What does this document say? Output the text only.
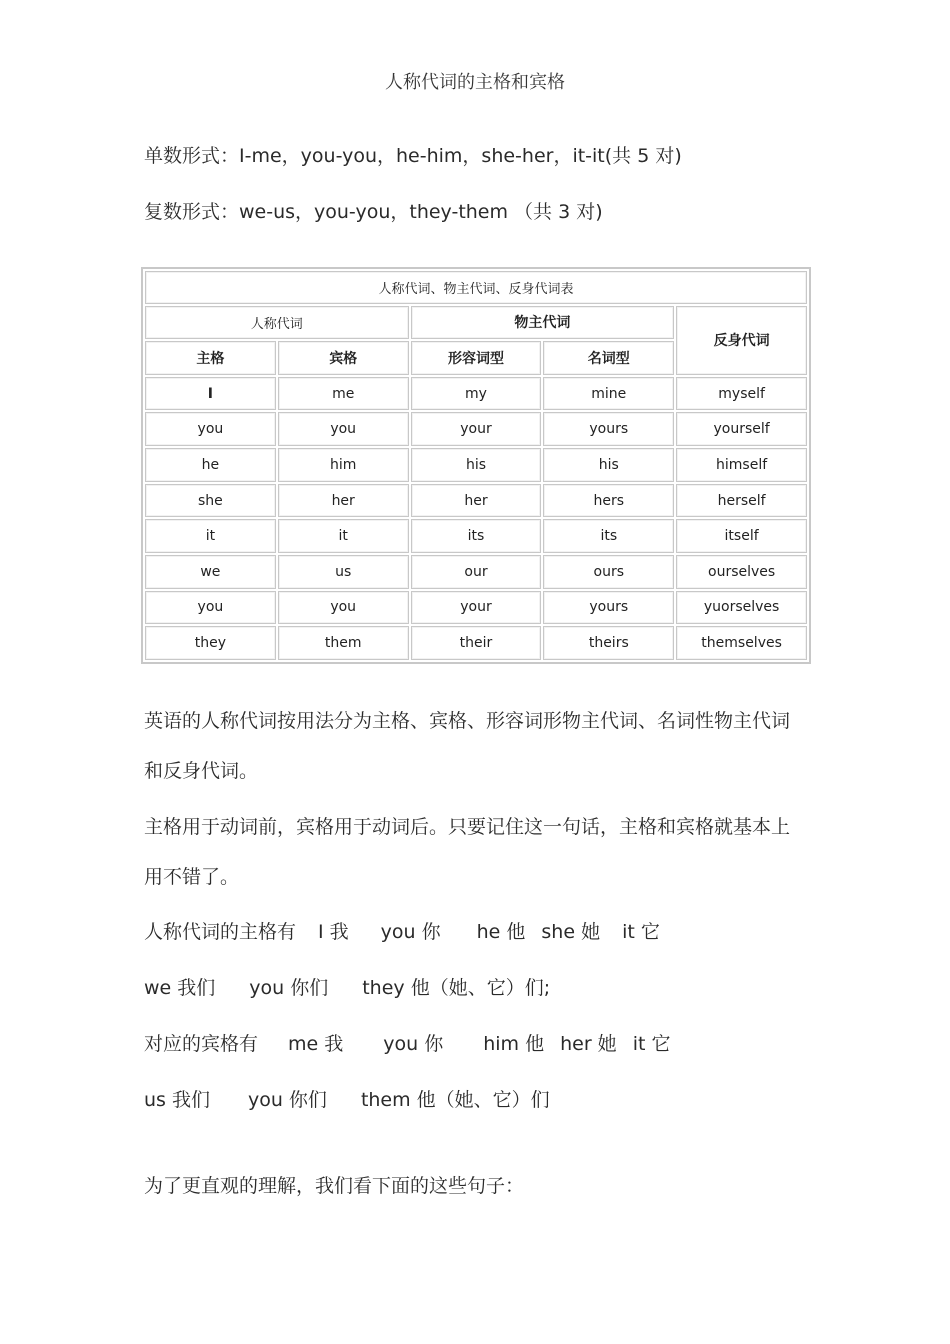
人称代词的主格和宾格
单数形式：I-me，you-you，he-him，she-her，it-it(共 5 对)
复数形式：we-us，you-you，they-them （共 3 对)
人称代词、物主代词、反身代词表				
人称代词		物主代词		反身代词
主格	宾格	形容词型	名词型	
I	me	my	mine	myself
you	you	your	yours	yourself
he	him	his	his	himself
she	her	her	hers	herself
it	it	its	its	itself
we	us	our	ours	ourselves
you	you	your	yours	yuorselves
they	them	their	theirs	themselves
英语的人称代词按用法分为主格、宾格、形容词形物主代词、名词性物主代词
和反身代词。
主格用于动词前，宾格用于动词后。只要记住这一句话，主格和宾格就基本上
用不错了。
人称代词的主格有 I 我 you 你 he 他 she 她 it 它
we 我们 you 你们 they 他（她、它）们;
对应的宾格有 me 我 you 你 him 他 her 她 it 它
us 我们 you 你们 them 他（她、它）们
为了更直观的理解，我们看下面的这些句子：
